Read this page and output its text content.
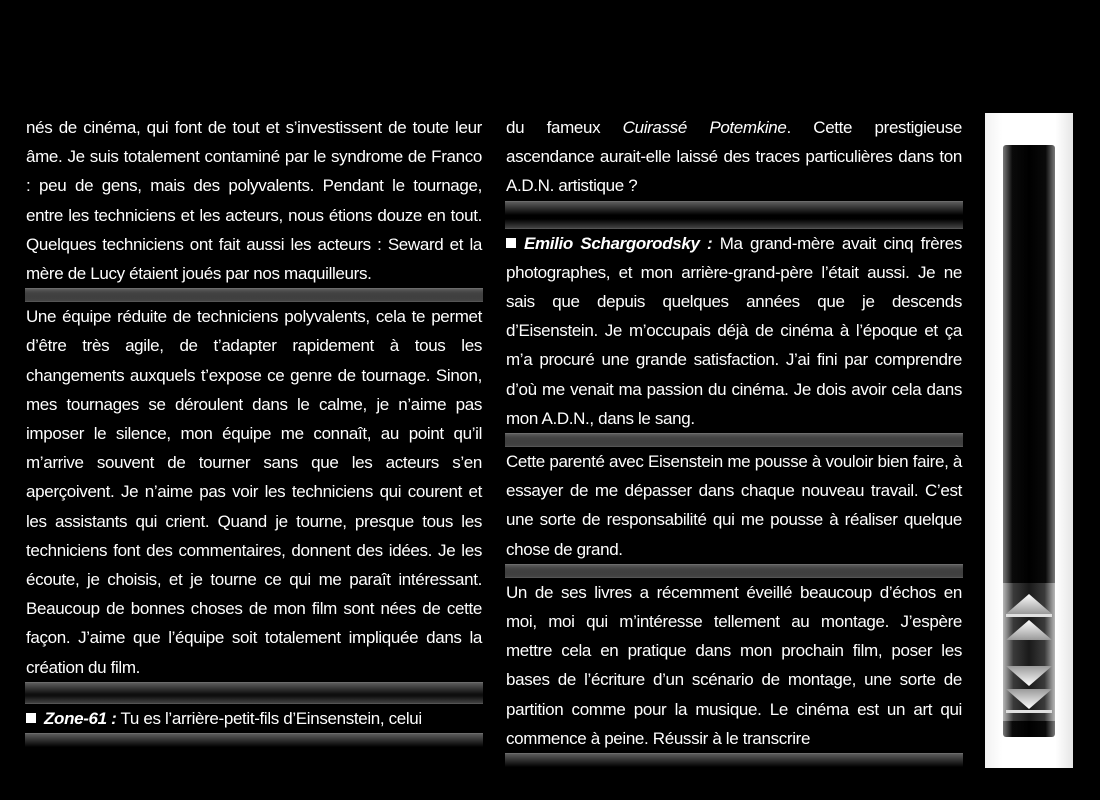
nés de cinéma, qui font de tout et s’investissent de toute leur âme. Je suis totalement contaminé par le syndrome de Franco : peu de gens, mais des polyvalents. Pendant le tournage, entre les techniciens et les acteurs, nous étions douze en tout. Quelques techniciens ont fait aussi les acteurs : Seward et la mère de Lucy étaient joués par nos maquilleurs.

Une équipe réduite de techniciens polyvalents, cela te permet d’être très agile, de t’adapter rapidement à tous les changements auxquels t’expose ce genre de tournage. Sinon, mes tournages se déroulent dans le calme, je n’aime pas imposer le silence, mon équipe me connaît, au point qu’il m’arrive souvent de tourner sans que les acteurs s’en aperçoivent. Je n’aime pas voir les techniciens qui courent et les assistants qui crient. Quand je tourne, presque tous les techniciens font des commentaires, donnent des idées. Je les écoute, je choisis, et je tourne ce qui me paraît intéressant. Beaucoup de bonnes choses de mon film sont nées de cette façon. J’aime que l’équipe soit totalement impliquée dans la création du film.

Zone-61 : Tu es l’arrière-petit-fils d’Einsenstein, celui

du fameux Cuirassé Potemkine. Cette prestigieuse ascendance aurait-elle laissé des traces particulières dans ton A.D.N. artistique ?

Emilio Schargorodsky : Ma grand-mère avait cinq frères photographes, et mon arrière-grand-père l’était aussi. Je ne sais que depuis quelques années que je descends d’Eisenstein. Je m’occupais déjà de cinéma à l’époque et ça m’a procuré une grande satisfaction. J’ai fini par comprendre d’où me venait ma passion du cinéma. Je dois avoir cela dans mon A.D.N., dans le sang.

Cette parenté avec Eisenstein me pousse à vouloir bien faire, à essayer de me dépasser dans chaque nouveau travail. C’est une sorte de responsabilité qui me pousse à réaliser quelque chose de grand.

Un de ses livres a récemment éveillé beaucoup d’échos en moi, moi qui m’intéresse tellement au montage. J’espère mettre cela en pratique dans mon prochain film, poser les bases de l’écriture d’un scénario de montage, une sorte de partition comme pour la musique. Le cinéma est un art qui commence à peine. Réussir à le transcrire
